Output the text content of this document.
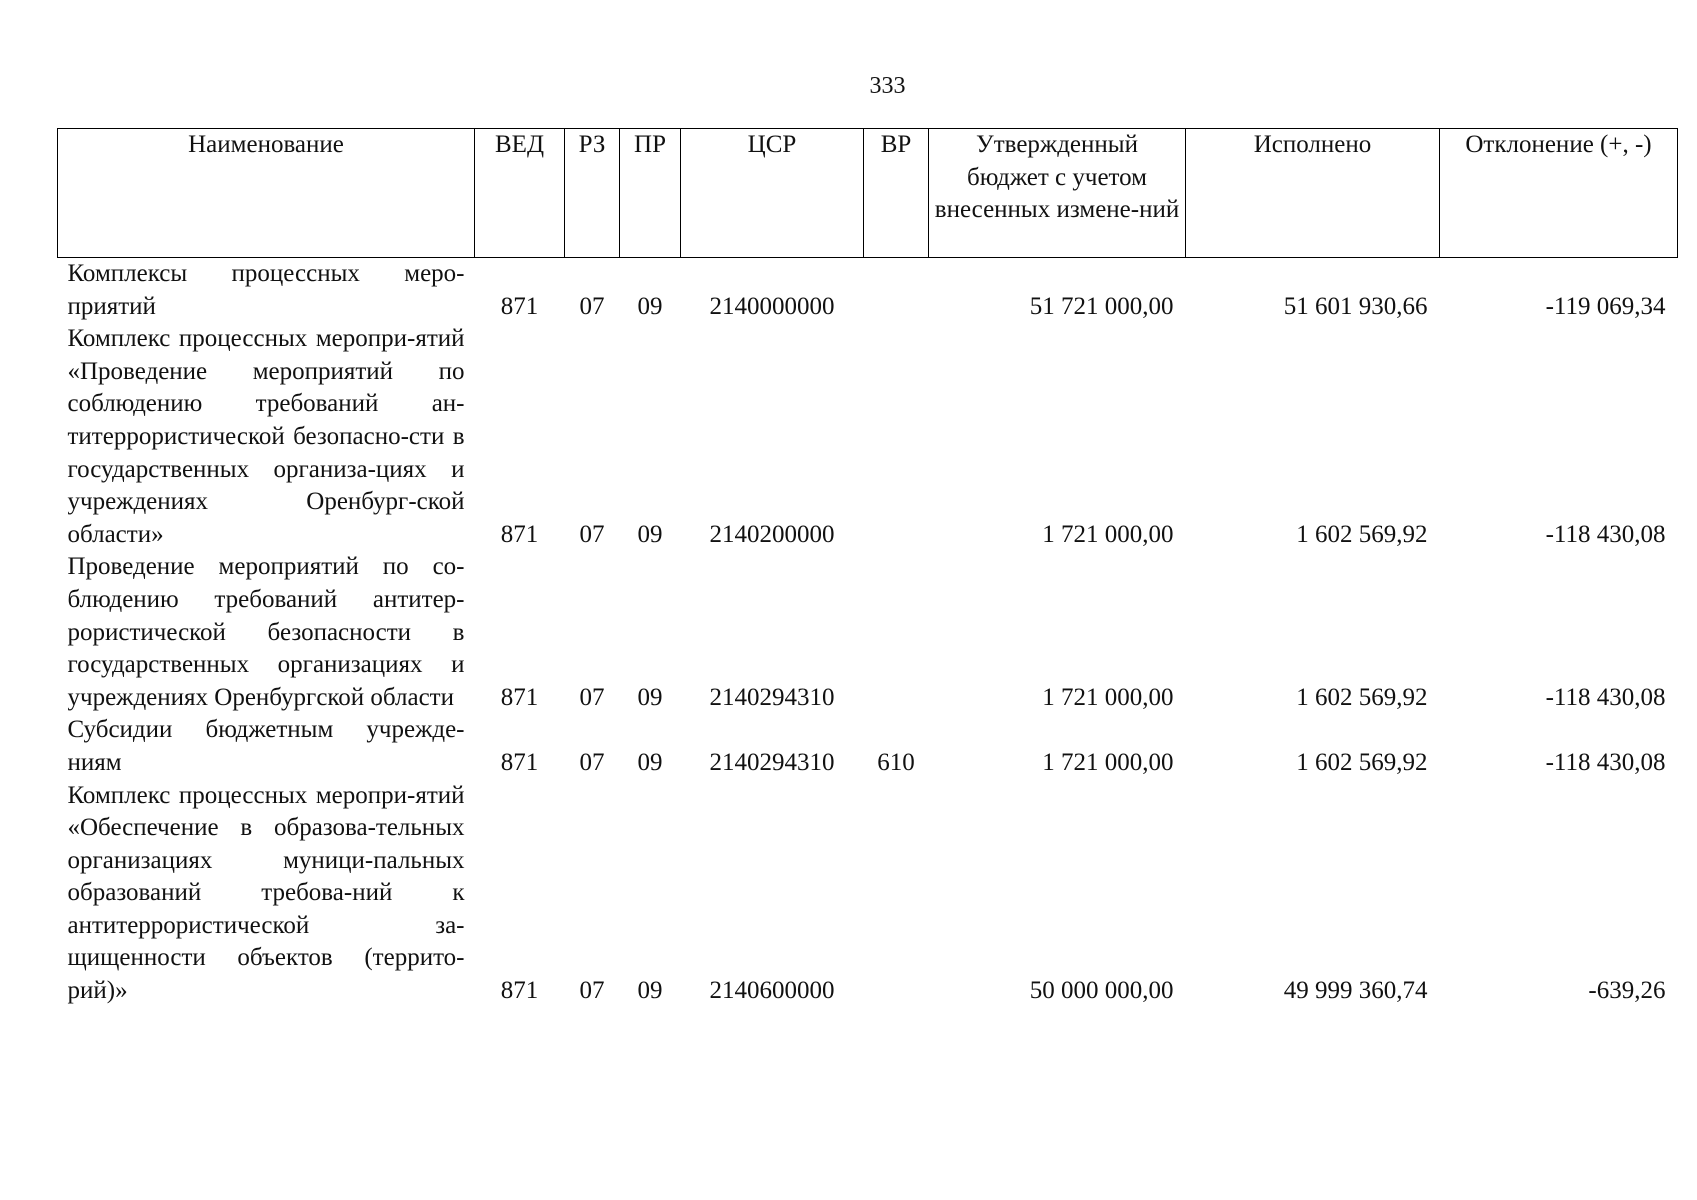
333
Наименование	ВЕД	РЗ	ПР	ЦСР	ВР	Утвержденный бюджет с учетом внесенных измене-ний	Исполнено	Отклонение (+, -)
Комплексы процессных меро-приятий	871	07	09	2140000000		51 721 000,00	51 601 930,66	-119 069,34
Комплекс процессных меропри-ятий «Проведение мероприятий по соблюдению требований ан-титеррористической безопасно-сти в государственных организа-циях и учреждениях Оренбург-ской области»	871	07	09	2140200000		1 721 000,00	1 602 569,92	-118 430,08
Проведение мероприятий по со-блюдению требований антитер-рористической безопасности в государственных организациях и учреждениях Оренбургской области	871	07	09	2140294310		1 721 000,00	1 602 569,92	-118 430,08
Субсидии бюджетным учрежде-ниям	871	07	09	2140294310	610	1 721 000,00	1 602 569,92	-118 430,08
Комплекс процессных меропри-ятий «Обеспечение в образова-тельных организациях муници-пальных образований требова-ний к антитеррористической за-щищенности объектов (террито-рий)»	871	07	09	2140600000		50 000 000,00	49 999 360,74	-639,26
